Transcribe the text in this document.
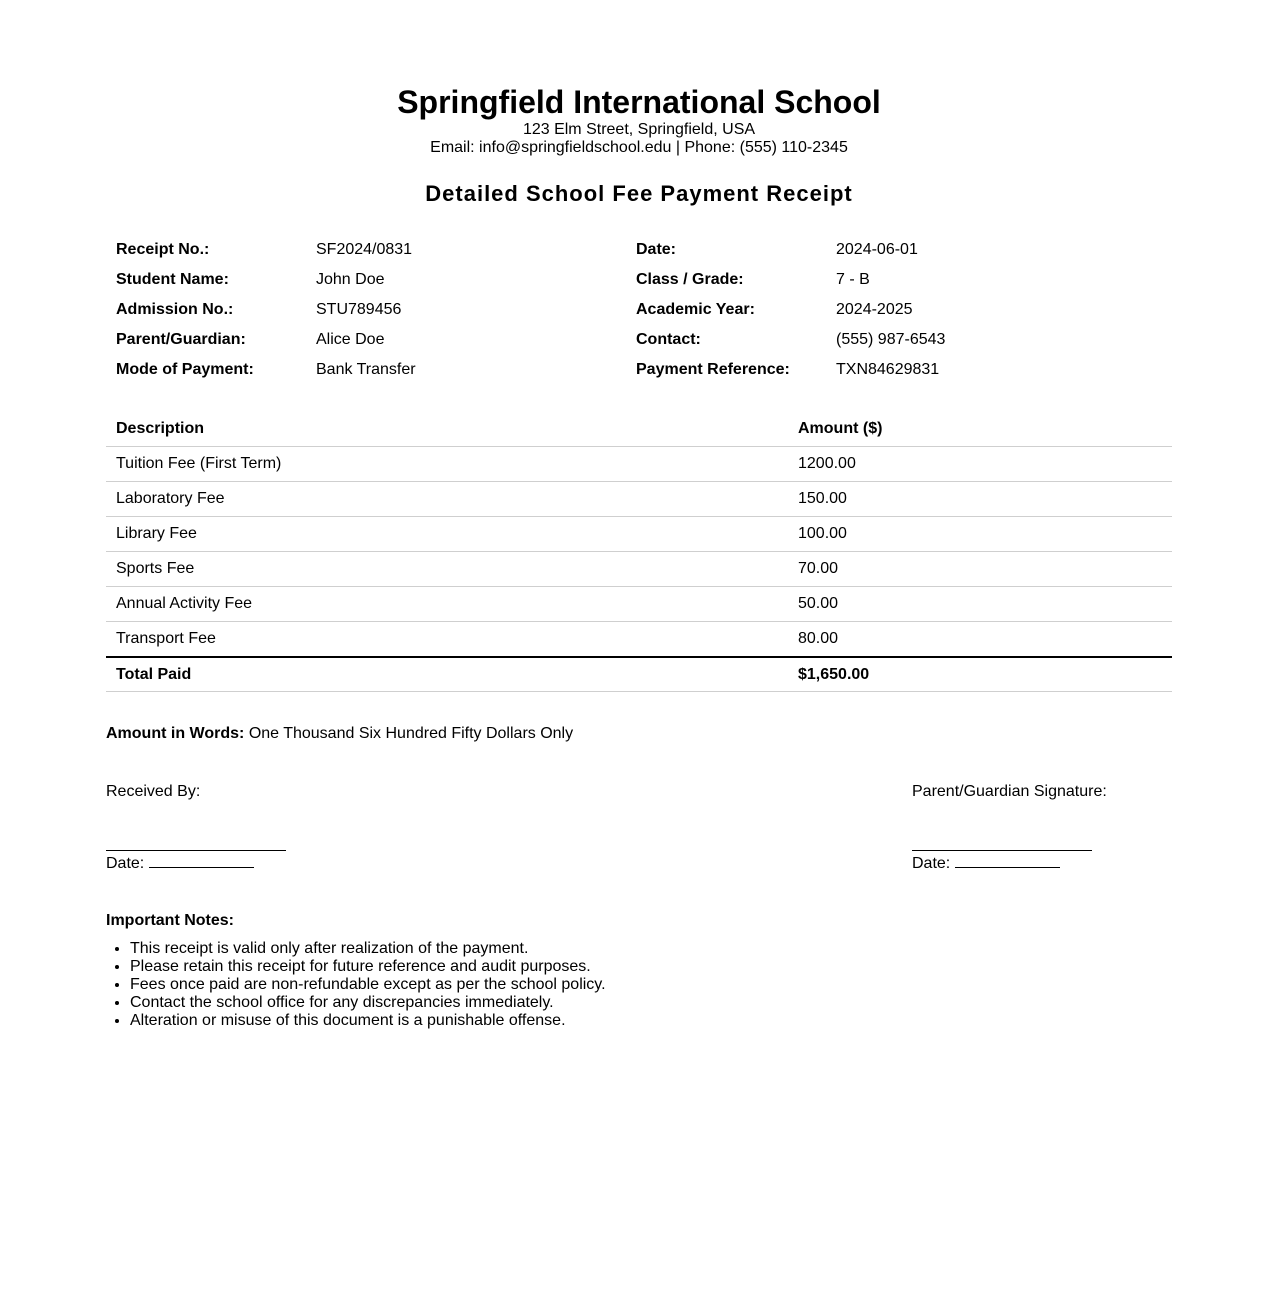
Springfield International School
123 Elm Street, Springfield, USA
Email: info@springfieldschool.edu | Phone: (555) 110-2345
Detailed School Fee Payment Receipt
Receipt No.:	SF2024/0831	Date:	2024-06-01
Student Name:	John Doe	Class / Grade:	7 - B
Admission No.:	STU789456	Academic Year:	2024-2025
Parent/Guardian:	Alice Doe	Contact:	(555) 987-6543
Mode of Payment:	Bank Transfer	Payment Reference:	TXN84629831
Description	Amount ($)
Tuition Fee (First Term)	1200.00
Laboratory Fee	150.00
Library Fee	100.00
Sports Fee	70.00
Annual Activity Fee	50.00
Transport Fee	80.00
Total Paid	$1,650.00
Amount in Words: One Thousand Six Hundred Fifty Dollars Only
Received By:
Date:
Parent/Guardian Signature:
Date:
Important Notes:
• This receipt is valid only after realization of the payment.
• Please retain this receipt for future reference and audit purposes.
• Fees once paid are non-refundable except as per the school policy.
• Contact the school office for any discrepancies immediately.
• Alteration or misuse of this document is a punishable offense.
